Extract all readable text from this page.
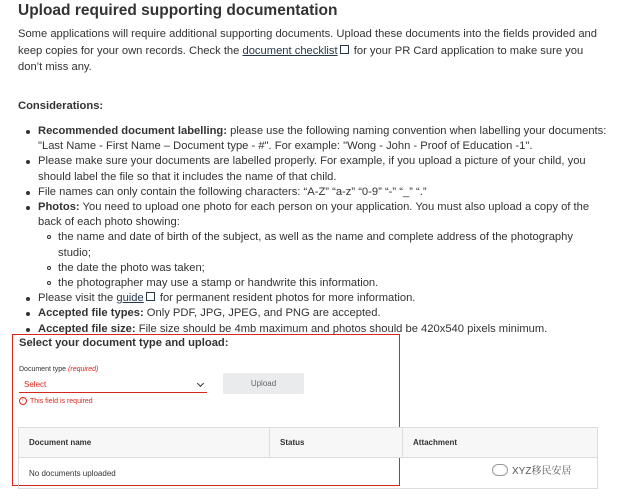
Upload required supporting documentation

Some applications will require additional supporting documents. Upload these documents into the fields provided and keep copies for your own records. Check the document checklist for your PR Card application to make sure you don’t miss any.

Considerations:
Recommended document labelling: please use the following naming convention when labelling your documents: "Last Name - First Name – Document type - #". For example: "Wong - John - Proof of Education -1".
Please make sure your documents are labelled properly. For example, if you upload a picture of your child, you should label the file so that it includes the name of that child.
File names can only contain the following characters: “A-Z” “a-z” “0-9” “-” “_” “.”
Photos: You need to upload one photo for each person on your application. You must also upload a copy of the back of each photo showing:
the name and date of birth of the subject, as well as the name and complete address of the photography studio;
the date the photo was taken;
the photographer may use a stamp or handwrite this information.
Please visit the guide for permanent resident photos for more information.
Accepted file types: Only PDF, JPG, JPEG, and PNG are accepted.
Accepted file size: File size should be 4mb maximum and photos should be 420x540 pixels minimum.
Select your document type and upload:
Document type (required)
Select	Upload
! This field is required
Document name	Status	Attachment
No documents uploaded	XYZ移民安居
